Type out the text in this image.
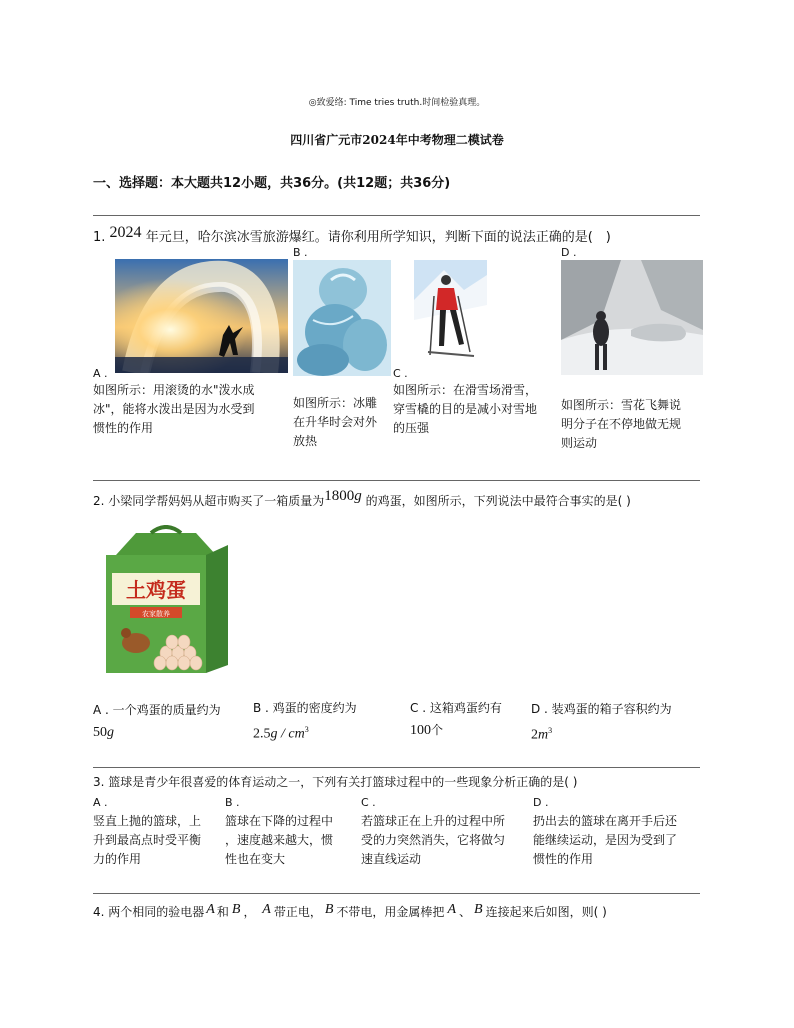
◎致爱络: Time tries truth.时间检验真理。
四川省广元市2024年中考物理二模试卷
一、选择题：本大题共12小题，共36分。(共12题；共36分)
1. 2024 年元旦，哈尔滨冰雪旅游爆红。请你利用所学知识，判断下面的说法正确的是(　)
B .	D .
A .
如图所示：用滚烫的水"泼水成
冰"，能将水泼出是因为水受到
惯性的作用
如图所示：冰雕
在升华时会对外
放热
C .
如图所示：在滑雪场滑雪，
穿雪橇的目的是减小对雪地
的压强
如图所示：雪花飞舞说
明分子在不停地做无规
则运动
2. 小梁同学帮妈妈从超市购买了一箱质量为1800g 的鸡蛋，如图所示，下列说法中最符合事实的是( )
土鸡蛋
农家散养
A . 一个鸡蛋的质量约为
50g
B . 鸡蛋的密度约为
$2.5g / cm^3$
C . 这箱鸡蛋约有
100个
D . 装鸡蛋的箱子容积约为
$2m^3$
3. 篮球是青少年很喜爱的体育运动之一，下列有关打篮球过程中的一些现象分析正确的是( )
A .
竖直上抛的篮球，上
升到最高点时受平衡
力的作用
B .
篮球在下降的过程中
，速度越来越大，惯
性也在变大
C .
若篮球正在上升的过程中所
受的力突然消失，它将做匀
速直线运动
D .
扔出去的篮球在离开手后还
能继续运动，是因为受到了
惯性的作用
4. 两个相同的验电器 A 和 B ， A 带正电， B 不带电，用金属棒把 A 、 B 连接起来后如图，则( )
